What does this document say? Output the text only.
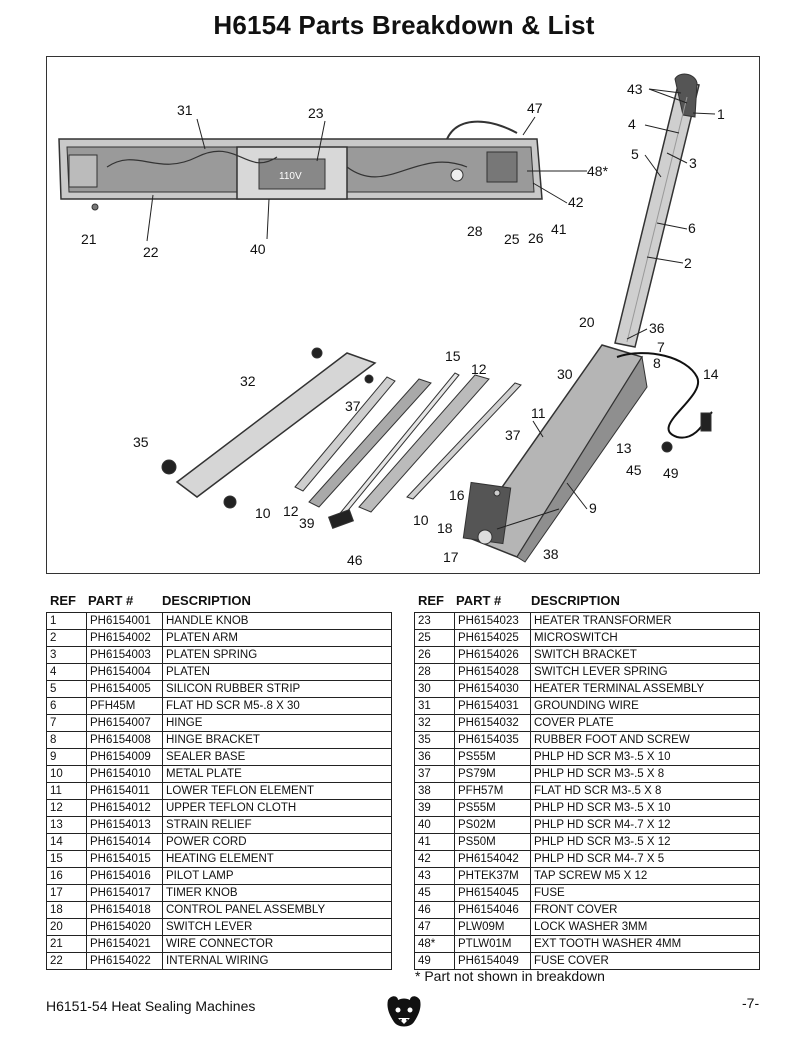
H6154 Parts Breakdown & List
110V
43
1
4
3
5
31	23	47
48*
42
41
26
25
28
21
22	40
6
2
20	36
7
8
30	14
15
12
32
37	11
35	13
45 49
37
9
16
10 12
39	10 18
38
17
46
REF PART # DESCRIPTION	REF PART # DESCRIPTION
1	PH6154001	HANDLE KNOB
2	PH6154002	PLATEN ARM
3	PH6154003	PLATEN SPRING
4	PH6154004	PLATEN
5	PH6154005	SILICON RUBBER STRIP
6	PFH45M	FLAT HD SCR M5-.8 X 30
7	PH6154007	HINGE
8	PH6154008	HINGE BRACKET
9	PH6154009	SEALER BASE
10	PH6154010	METAL PLATE
11	PH6154011	LOWER TEFLON ELEMENT
12	PH6154012	UPPER TEFLON CLOTH
13	PH6154013	STRAIN RELIEF
14	PH6154014	POWER CORD
15	PH6154015	HEATING ELEMENT
16	PH6154016	PILOT LAMP
17	PH6154017	TIMER KNOB
18	PH6154018	CONTROL PANEL ASSEMBLY
20	PH6154020	SWITCH LEVER
21	PH6154021	WIRE CONNECTOR
22	PH6154022	INTERNAL WIRING
23	PH6154023	HEATER TRANSFORMER
25	PH6154025	MICROSWITCH
26	PH6154026	SWITCH BRACKET
28	PH6154028	SWITCH LEVER SPRING
30	PH6154030	HEATER TERMINAL ASSEMBLY
31	PH6154031	GROUNDING WIRE
32	PH6154032	COVER PLATE
35	PH6154035	RUBBER FOOT AND SCREW
36	PS55M	PHLP HD SCR M3-.5 X 10
37	PS79M	PHLP HD SCR M3-.5 X 8
38	PFH57M	FLAT HD SCR M3-.5 X 8
39	PS55M	PHLP HD SCR M3-.5 X 10
40	PS02M	PHLP HD SCR M4-.7 X 12
41	PS50M	PHLP HD SCR M3-.5 X 12
42	PH6154042	PHLP HD SCR M4-.7 X 5
43	PHTEK37M	TAP SCREW M5 X 12
45	PH6154045	FUSE
46	PH6154046	FRONT COVER
47	PLW09M	LOCK WASHER 3MM
48*	PTLW01M	EXT TOOTH WASHER 4MM
49	PH6154049	FUSE COVER
* Part not shown in breakdown
H6151-54 Heat Sealing Machines	-7-
